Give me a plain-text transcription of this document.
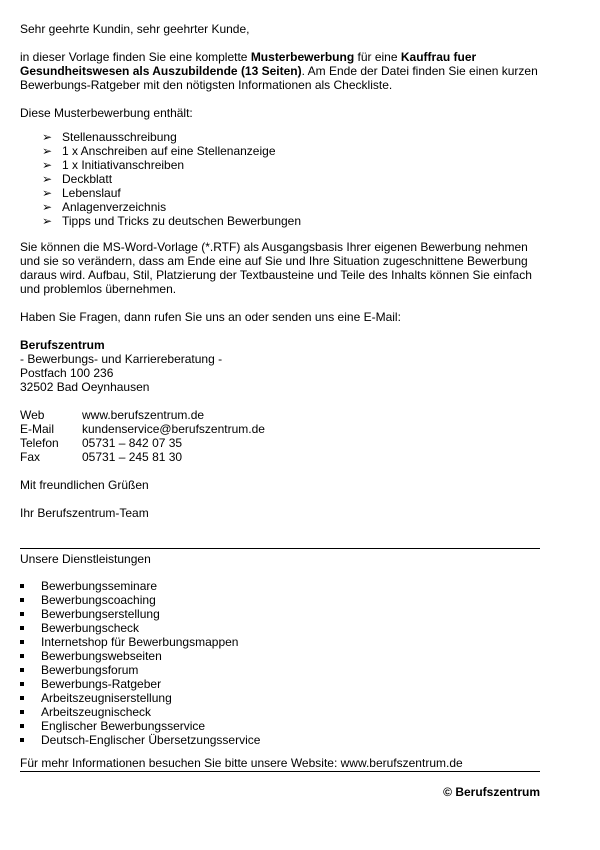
Sehr geehrte Kundin, sehr geehrter Kunde,

in dieser Vorlage finden Sie eine komplette Musterbewerbung für eine Kauffrau fuer Gesundheitswesen als Auszubildende (13 Seiten). Am Ende der Datei finden Sie einen kurzen Bewerbungs-Ratgeber mit den nötigsten Informationen als Checkliste.

Diese Musterbewerbung enthält:

➢ Stellenausschreibung
➢ 1 x Anschreiben auf eine Stellenanzeige
➢ 1 x Initiativanschreiben
➢ Deckblatt
➢ Lebenslauf
➢ Anlagenverzeichnis
➢ Tipps und Tricks zu deutschen Bewerbungen

Sie können die MS-Word-Vorlage (*.RTF) als Ausgangsbasis Ihrer eigenen Bewerbung nehmen und sie so verändern, dass am Ende eine auf Sie und Ihre Situation zugeschnittene Bewerbung daraus wird. Aufbau, Stil, Platzierung der Textbausteine und Teile des Inhalts können Sie einfach und problemlos übernehmen.

Haben Sie Fragen, dann rufen Sie uns an oder senden uns eine E-Mail:

Berufszentrum

- Bewerbungs- und Karriereberatung -

Postfach 100 236

32502 Bad Oeynhausen

Web	www.berufszentrum.de
E-Mail	kundenservice@berufszentrum.de
Telefon	05731 – 842 07 35
Fax	05731 – 245 81 30

Mit freundlichen Grüßen

Ihr Berufszentrum-Team

Unsere Dienstleistungen
Bewerbungsseminare
Bewerbungscoaching
Bewerbungserstellung
Bewerbungscheck
Internetshop für Bewerbungsmappen
Bewerbungswebseiten
Bewerbungsforum
Bewerbungs-Ratgeber
Arbeitszeugniserstellung
Arbeitszeugnischeck
Englischer Bewerbungsservice
Deutsch-Englischer Übersetzungsservice

Für mehr Informationen besuchen Sie bitte unsere Website: www.berufszentrum.de

© Berufszentrum
